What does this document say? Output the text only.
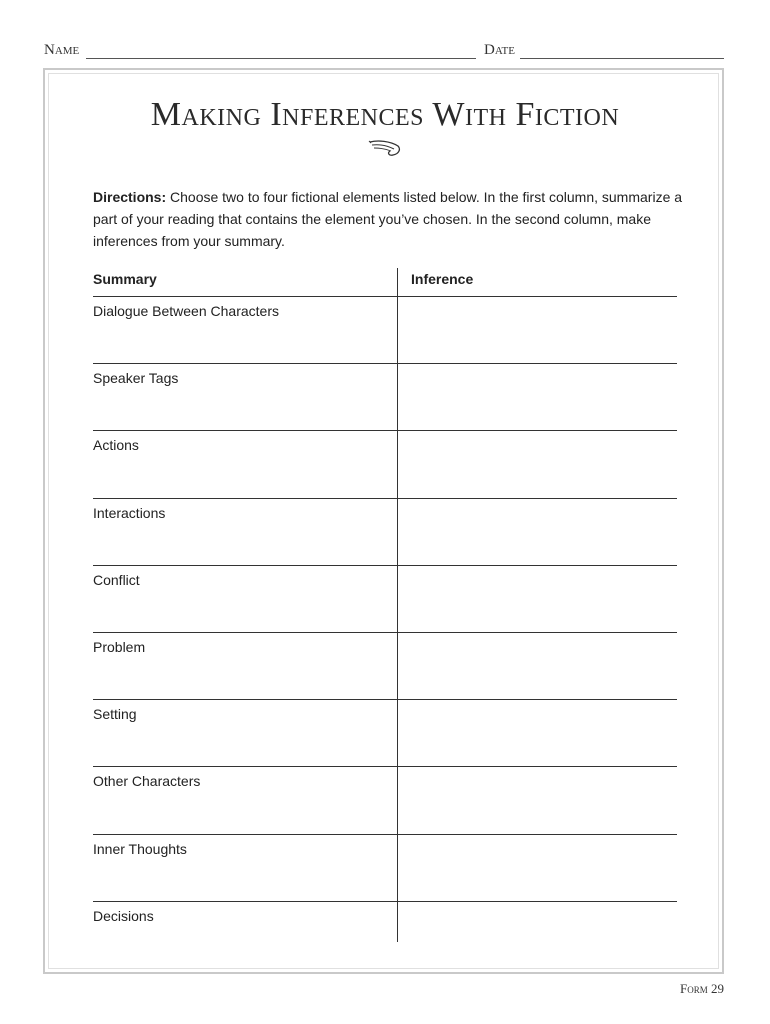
Name	Date
Making Inferences With Fiction
Directions: Choose two to four fictional elements listed below. In the first column, summarize a part of your reading that contains the element you’ve chosen. In the second column, make inferences from your summary.
Summary	Inference
Dialogue Between Characters
Speaker Tags
Actions
Interactions
Conflict
Problem
Setting
Other Characters
Inner Thoughts
Decisions
Form 29
